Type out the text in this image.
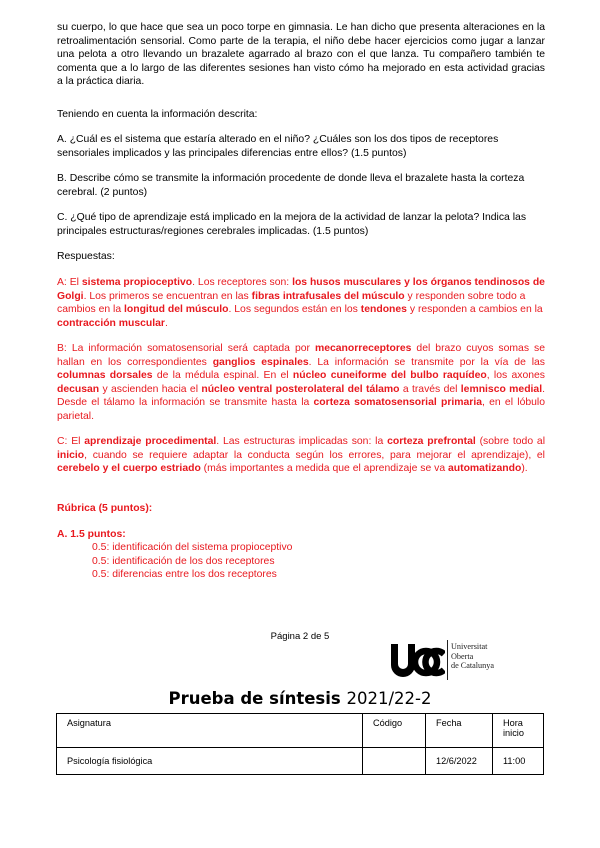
su cuerpo, lo que hace que sea un poco torpe en gimnasia. Le han dicho que presenta alteraciones en la retroalimentación sensorial. Como parte de la terapia, el niño debe hacer ejercicios como jugar a lanzar una pelota a otro llevando un brazalete agarrado al brazo con el que lanza. Tu compañero también te comenta que a lo largo de las diferentes sesiones han visto cómo ha mejorado en esta actividad gracias a la práctica diaria.

Teniendo en cuenta la información descrita:

A. ¿Cuál es el sistema que estaría alterado en el niño? ¿Cuáles son los dos tipos de receptores sensoriales implicados y las principales diferencias entre ellos? (1.5 puntos)

B. Describe cómo se transmite la información procedente de donde lleva el brazalete hasta la corteza cerebral. (2 puntos)

C. ¿Qué tipo de aprendizaje está implicado en la mejora de la actividad de lanzar la pelota? Indica las principales estructuras/regiones cerebrales implicadas. (1.5 puntos)

Respuestas:

A: El sistema propioceptivo. Los receptores son: los husos musculares y los órganos tendinosos de Golgi. Los primeros se encuentran en las fibras intrafusales del músculo y responden sobre todo a cambios en la longitud del músculo. Los segundos están en los tendones y responden a cambios en la contracción muscular.

B: La información somatosensorial será captada por mecanorreceptores del brazo cuyos somas se hallan en los correspondientes ganglios espinales. La información se transmite por la vía de las columnas dorsales de la médula espinal. En el núcleo cuneiforme del bulbo raquídeo, los axones decusan y ascienden hacia el núcleo ventral posterolateral del tálamo a través del lemnisco medial. Desde el tálamo la información se transmite hasta la corteza somatosensorial primaria, en el lóbulo parietal.

C: El aprendizaje procedimental. Las estructuras implicadas son: la corteza prefrontal (sobre todo al inicio, cuando se requiere adaptar la conducta según los errores, para mejorar el aprendizaje), el cerebelo y el cuerpo estriado (más importantes a medida que el aprendizaje se va automatizando).

Rúbrica (5 puntos):

A. 1.5 puntos:

0.5: identificación del sistema propioceptivo
0.5: identificación de los dos receptores
0.5: diferencias entre los dos receptores
Página 2 de 5
Universitat
Oberta
de Catalunya
Prueba de síntesis 2021/22-2
Asignatura	Código	Fecha	Hora inicio
Psicología fisiológica		12/6/2022	11:00
